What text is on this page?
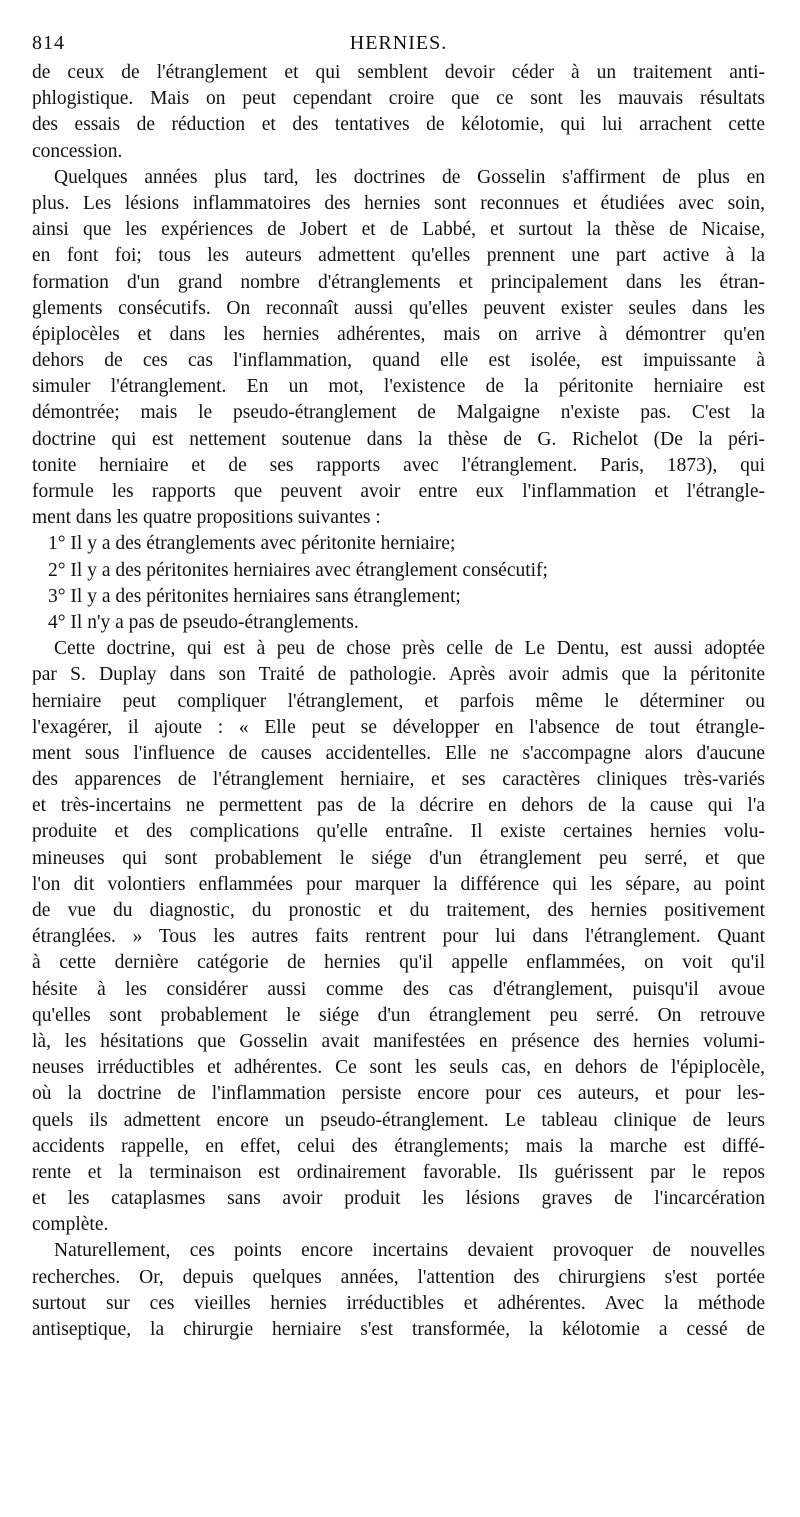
814	HERNIES.
de ceux de l'étranglement et qui semblent devoir céder à un traitement anti-
phlogistique. Mais on peut cependant croire que ce sont les mauvais résultats
des essais de réduction et des tentatives de kélotomie, qui lui arrachent cette
concession.
Quelques années plus tard, les doctrines de Gosselin s'affirment de plus en
plus. Les lésions inflammatoires des hernies sont reconnues et étudiées avec soin,
ainsi que les expériences de Jobert et de Labbé, et surtout la thèse de Nicaise,
en font foi; tous les auteurs admettent qu'elles prennent une part active à la
formation d'un grand nombre d'étranglements et principalement dans les étran-
glements consécutifs. On reconnaît aussi qu'elles peuvent exister seules dans les
épiplocèles et dans les hernies adhérentes, mais on arrive à démontrer qu'en
dehors de ces cas l'inflammation, quand elle est isolée, est impuissante à
simuler l'étranglement. En un mot, l'existence de la péritonite herniaire est
démontrée; mais le pseudo-étranglement de Malgaigne n'existe pas. C'est la
doctrine qui est nettement soutenue dans la thèse de G. Richelot (De la péri-
tonite herniaire et de ses rapports avec l'étranglement. Paris, 1873), qui
formule les rapports que peuvent avoir entre eux l'inflammation et l'étrangle-
ment dans les quatre propositions suivantes :
1° Il y a des étranglements avec péritonite herniaire;
2° Il y a des péritonites herniaires avec étranglement consécutif;
3° Il y a des péritonites herniaires sans étranglement;
4° Il n'y a pas de pseudo-étranglements.
Cette doctrine, qui est à peu de chose près celle de Le Dentu, est aussi adoptée
par S. Duplay dans son Traité de pathologie. Après avoir admis que la péritonite
herniaire peut compliquer l'étranglement, et parfois même le déterminer ou
l'exagérer, il ajoute : « Elle peut se développer en l'absence de tout étrangle-
ment sous l'influence de causes accidentelles. Elle ne s'accompagne alors d'aucune
des apparences de l'étranglement herniaire, et ses caractères cliniques très-variés
et très-incertains ne permettent pas de la décrire en dehors de la cause qui l'a
produite et des complications qu'elle entraîne. Il existe certaines hernies volu-
mineuses qui sont probablement le siége d'un étranglement peu serré, et que
l'on dit volontiers enflammées pour marquer la différence qui les sépare, au point
de vue du diagnostic, du pronostic et du traitement, des hernies positivement
étranglées. » Tous les autres faits rentrent pour lui dans l'étranglement. Quant
à cette dernière catégorie de hernies qu'il appelle enflammées, on voit qu'il
hésite à les considérer aussi comme des cas d'étranglement, puisqu'il avoue
qu'elles sont probablement le siége d'un étranglement peu serré. On retrouve
là, les hésitations que Gosselin avait manifestées en présence des hernies volumi-
neuses irréductibles et adhérentes. Ce sont les seuls cas, en dehors de l'épiplocèle,
où la doctrine de l'inflammation persiste encore pour ces auteurs, et pour les-
quels ils admettent encore un pseudo-étranglement. Le tableau clinique de leurs
accidents rappelle, en effet, celui des étranglements; mais la marche est diffé-
rente et la terminaison est ordinairement favorable. Ils guérissent par le repos
et les cataplasmes sans avoir produit les lésions graves de l'incarcération
complète.
Naturellement, ces points encore incertains devaient provoquer de nouvelles
recherches. Or, depuis quelques années, l'attention des chirurgiens s'est portée
surtout sur ces vieilles hernies irréductibles et adhérentes. Avec la méthode
antiseptique, la chirurgie herniaire s'est transformée, la kélotomie a cessé de
